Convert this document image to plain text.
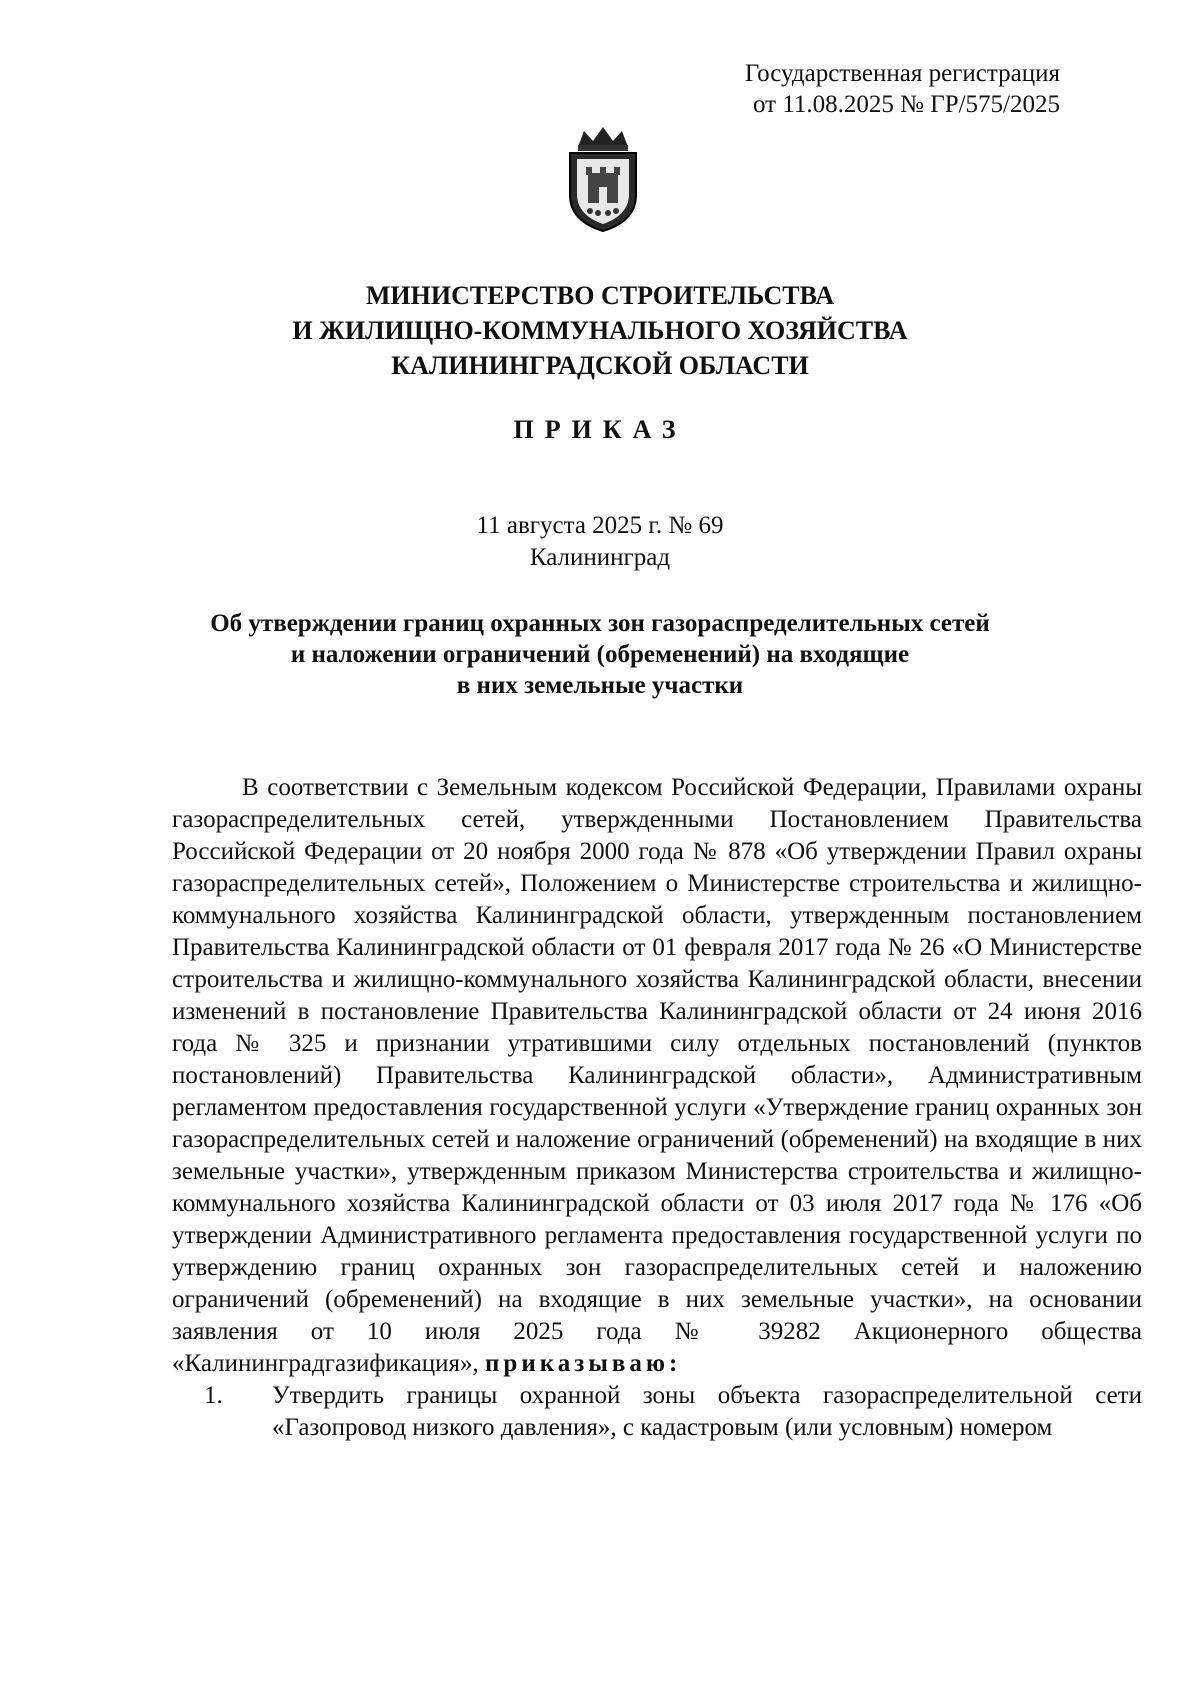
Государственная регистрация
от 11.08.2025 № ГР/575/2025
МИНИСТЕРСТВО СТРОИТЕЛЬСТВА
И ЖИЛИЩНО-КОММУНАЛЬНОГО ХОЗЯЙСТВА
КАЛИНИНГРАДСКОЙ ОБЛАСТИ
ПРИКАЗ
11 августа 2025 г. № 69
Калининград
Об утверждении границ охранных зон газораспределительных сетей
и наложении ограничений (обременений) на входящие
в них земельные участки

В соответствии с Земельным кодексом Российской Федерации, Правилами охраны газораспределительных сетей, утвержденными Постановлением Правительства Российской Федерации от 20 ноября 2000 года № 878 «Об утверждении Правил охраны газораспределительных сетей», Положением о Министерстве строительства и жилищно-коммунального хозяйства Калининградской области, утвержденным постановлением Правительства Калининградской области от 01 февраля 2017 года № 26 «О Министерстве строительства и жилищно-коммунального хозяйства Калининградской области, внесении изменений в постановление Правительства Калининградской области от 24 июня 2016 года № 325 и признании утратившими силу отдельных постановлений (пунктов постановлений) Правительства Калининградской области», Административным регламентом предоставления государственной услуги «Утверждение границ охранных зон газораспределительных сетей и наложение ограничений (обременений) на входящие в них земельные участки», утвержденным приказом Министерства строительства и жилищно-коммунального хозяйства Калининградской области от 03 июля 2017 года № 176 «Об утверждении Административного регламента предоставления государственной услуги по утверждению границ охранных зон газораспределительных сетей и наложению ограничений (обременений) на входящие в них земельные участки», на основании заявления от 10 июля 2025 года № 39282 Акционерного общества «Калининградгазификация», приказываю:

1.	Утвердить границы охранной зоны объекта газораспределительной сети «Газопровод низкого давления», с кадастровым (или условным) номером
